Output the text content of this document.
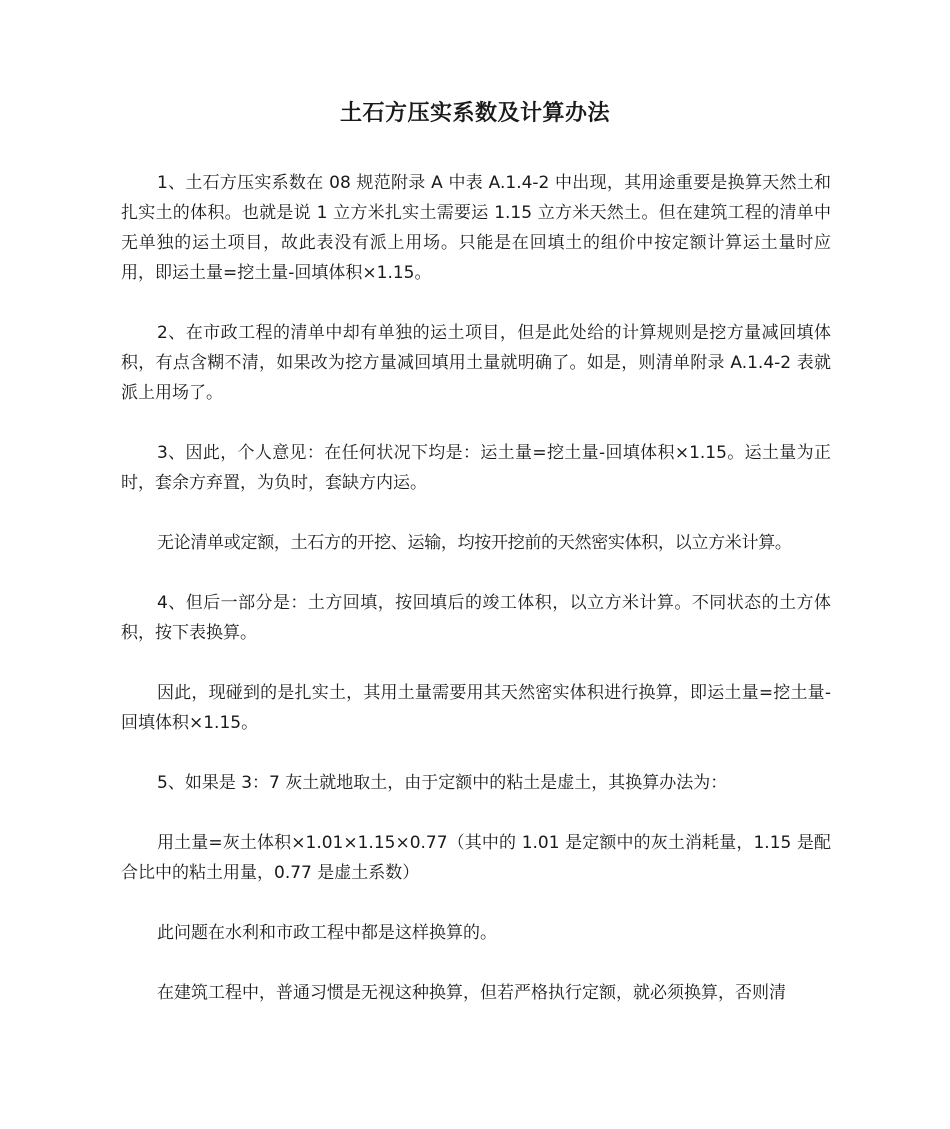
土石方压实系数及计算办法

1、土石方压实系数在 08 规范附录 A 中表 A.1.4-2 中出现，其用途重要是换算天然土和扎实土的体积。也就是说 1 立方米扎实土需要运 1.15 立方米天然土。但在建筑工程的清单中无单独的运土项目，故此表没有派上用场。只能是在回填土的组价中按定额计算运土量时应用，即运土量=挖土量-回填体积×1.15。

2、在市政工程的清单中却有单独的运土项目，但是此处给的计算规则是挖方量减回填体积，有点含糊不清，如果改为挖方量减回填用土量就明确了。如是，则清单附录 A.1.4-2 表就派上用场了。

3、因此，个人意见：在任何状况下均是：运土量=挖土量-回填体积×1.15。运土量为正时，套余方弃置，为负时，套缺方内运。

无论清单或定额，土石方的开挖、运输，均按开挖前的天然密实体积，以立方米计算。

4、但后一部分是：土方回填，按回填后的竣工体积，以立方米计算。不同状态的土方体积，按下表换算。

因此，现碰到的是扎实土，其用土量需要用其天然密实体积进行换算，即运土量=挖土量-回填体积×1.15。

5、如果是 3：7 灰土就地取土，由于定额中的粘土是虚土，其换算办法为：

用土量=灰土体积×1.01×1.15×0.77（其中的 1.01 是定额中的灰土消耗量，1.15 是配合比中的粘土用量，0.77 是虚土系数）

此问题在水利和市政工程中都是这样换算的。

在建筑工程中，普通习惯是无视这种换算，但若严格执行定额，就必须换算，否则清
